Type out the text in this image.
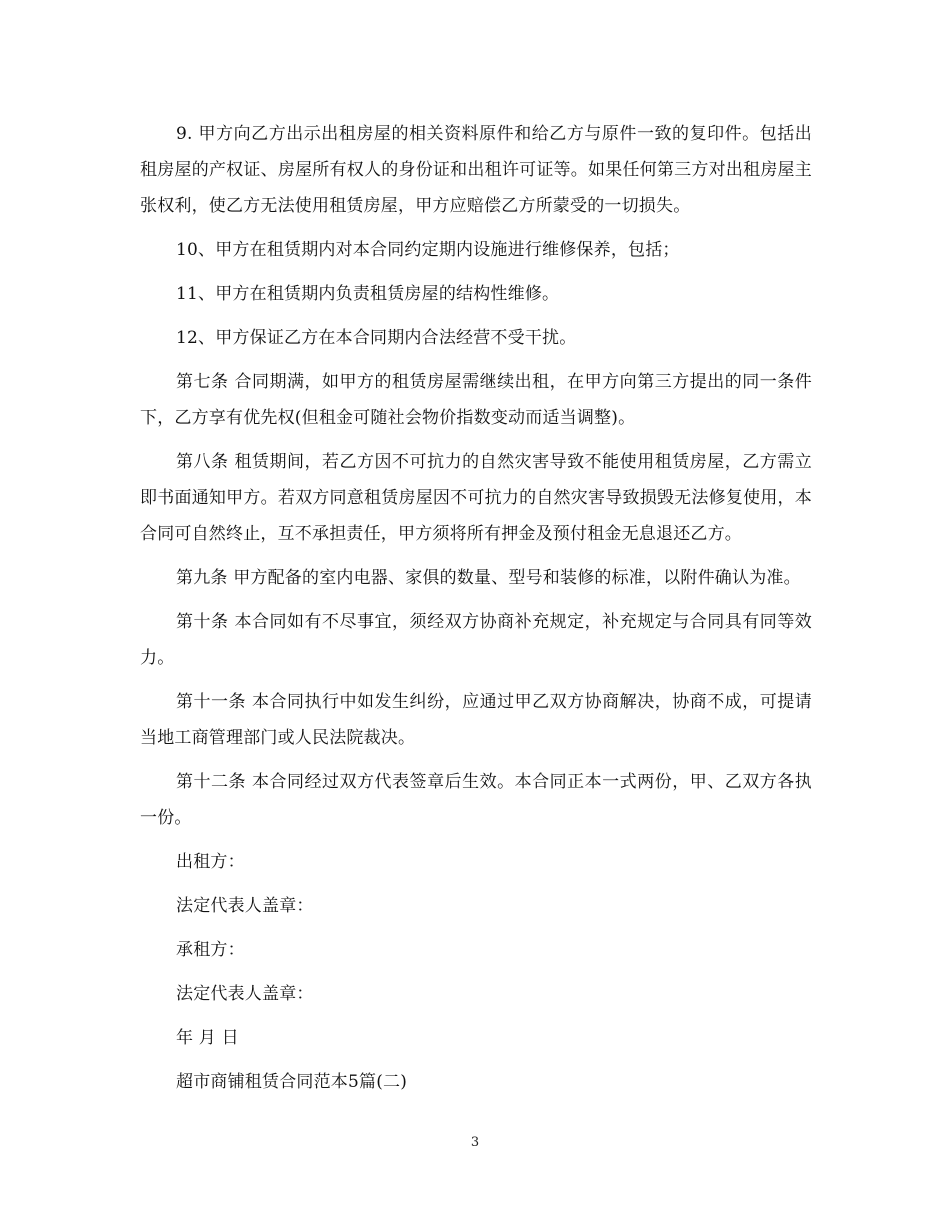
9. 甲方向乙方出示出租房屋的相关资料原件和给乙方与原件一致的复印件。包括出租房屋的产权证、房屋所有权人的身份证和出租许可证等。如果任何第三方对出租房屋主张权利，使乙方无法使用租赁房屋，甲方应赔偿乙方所蒙受的一切损失。

10、甲方在租赁期内对本合同约定期内设施进行维修保养，包括；

11、甲方在租赁期内负责租赁房屋的结构性维修。

12、甲方保证乙方在本合同期内合法经营不受干扰。

第七条 合同期满，如甲方的租赁房屋需继续出租，在甲方向第三方提出的同一条件下，乙方享有优先权(但租金可随社会物价指数变动而适当调整)。

第八条 租赁期间，若乙方因不可抗力的自然灾害导致不能使用租赁房屋，乙方需立即书面通知甲方。若双方同意租赁房屋因不可抗力的自然灾害导致损毁无法修复使用，本合同可自然终止，互不承担责任，甲方须将所有押金及预付租金无息退还乙方。

第九条 甲方配备的室内电器、家俱的数量、型号和装修的标准，以附件确认为准。

第十条 本合同如有不尽事宜，须经双方协商补充规定，补充规定与合同具有同等效力。

第十一条 本合同执行中如发生纠纷，应通过甲乙双方协商解决，协商不成，可提请当地工商管理部门或人民法院裁决。

第十二条 本合同经过双方代表签章后生效。本合同正本一式两份，甲、乙双方各执一份。

出租方：

法定代表人盖章：

承租方：

法定代表人盖章：

年 月 日

超市商铺租赁合同范本5篇(二)

3
